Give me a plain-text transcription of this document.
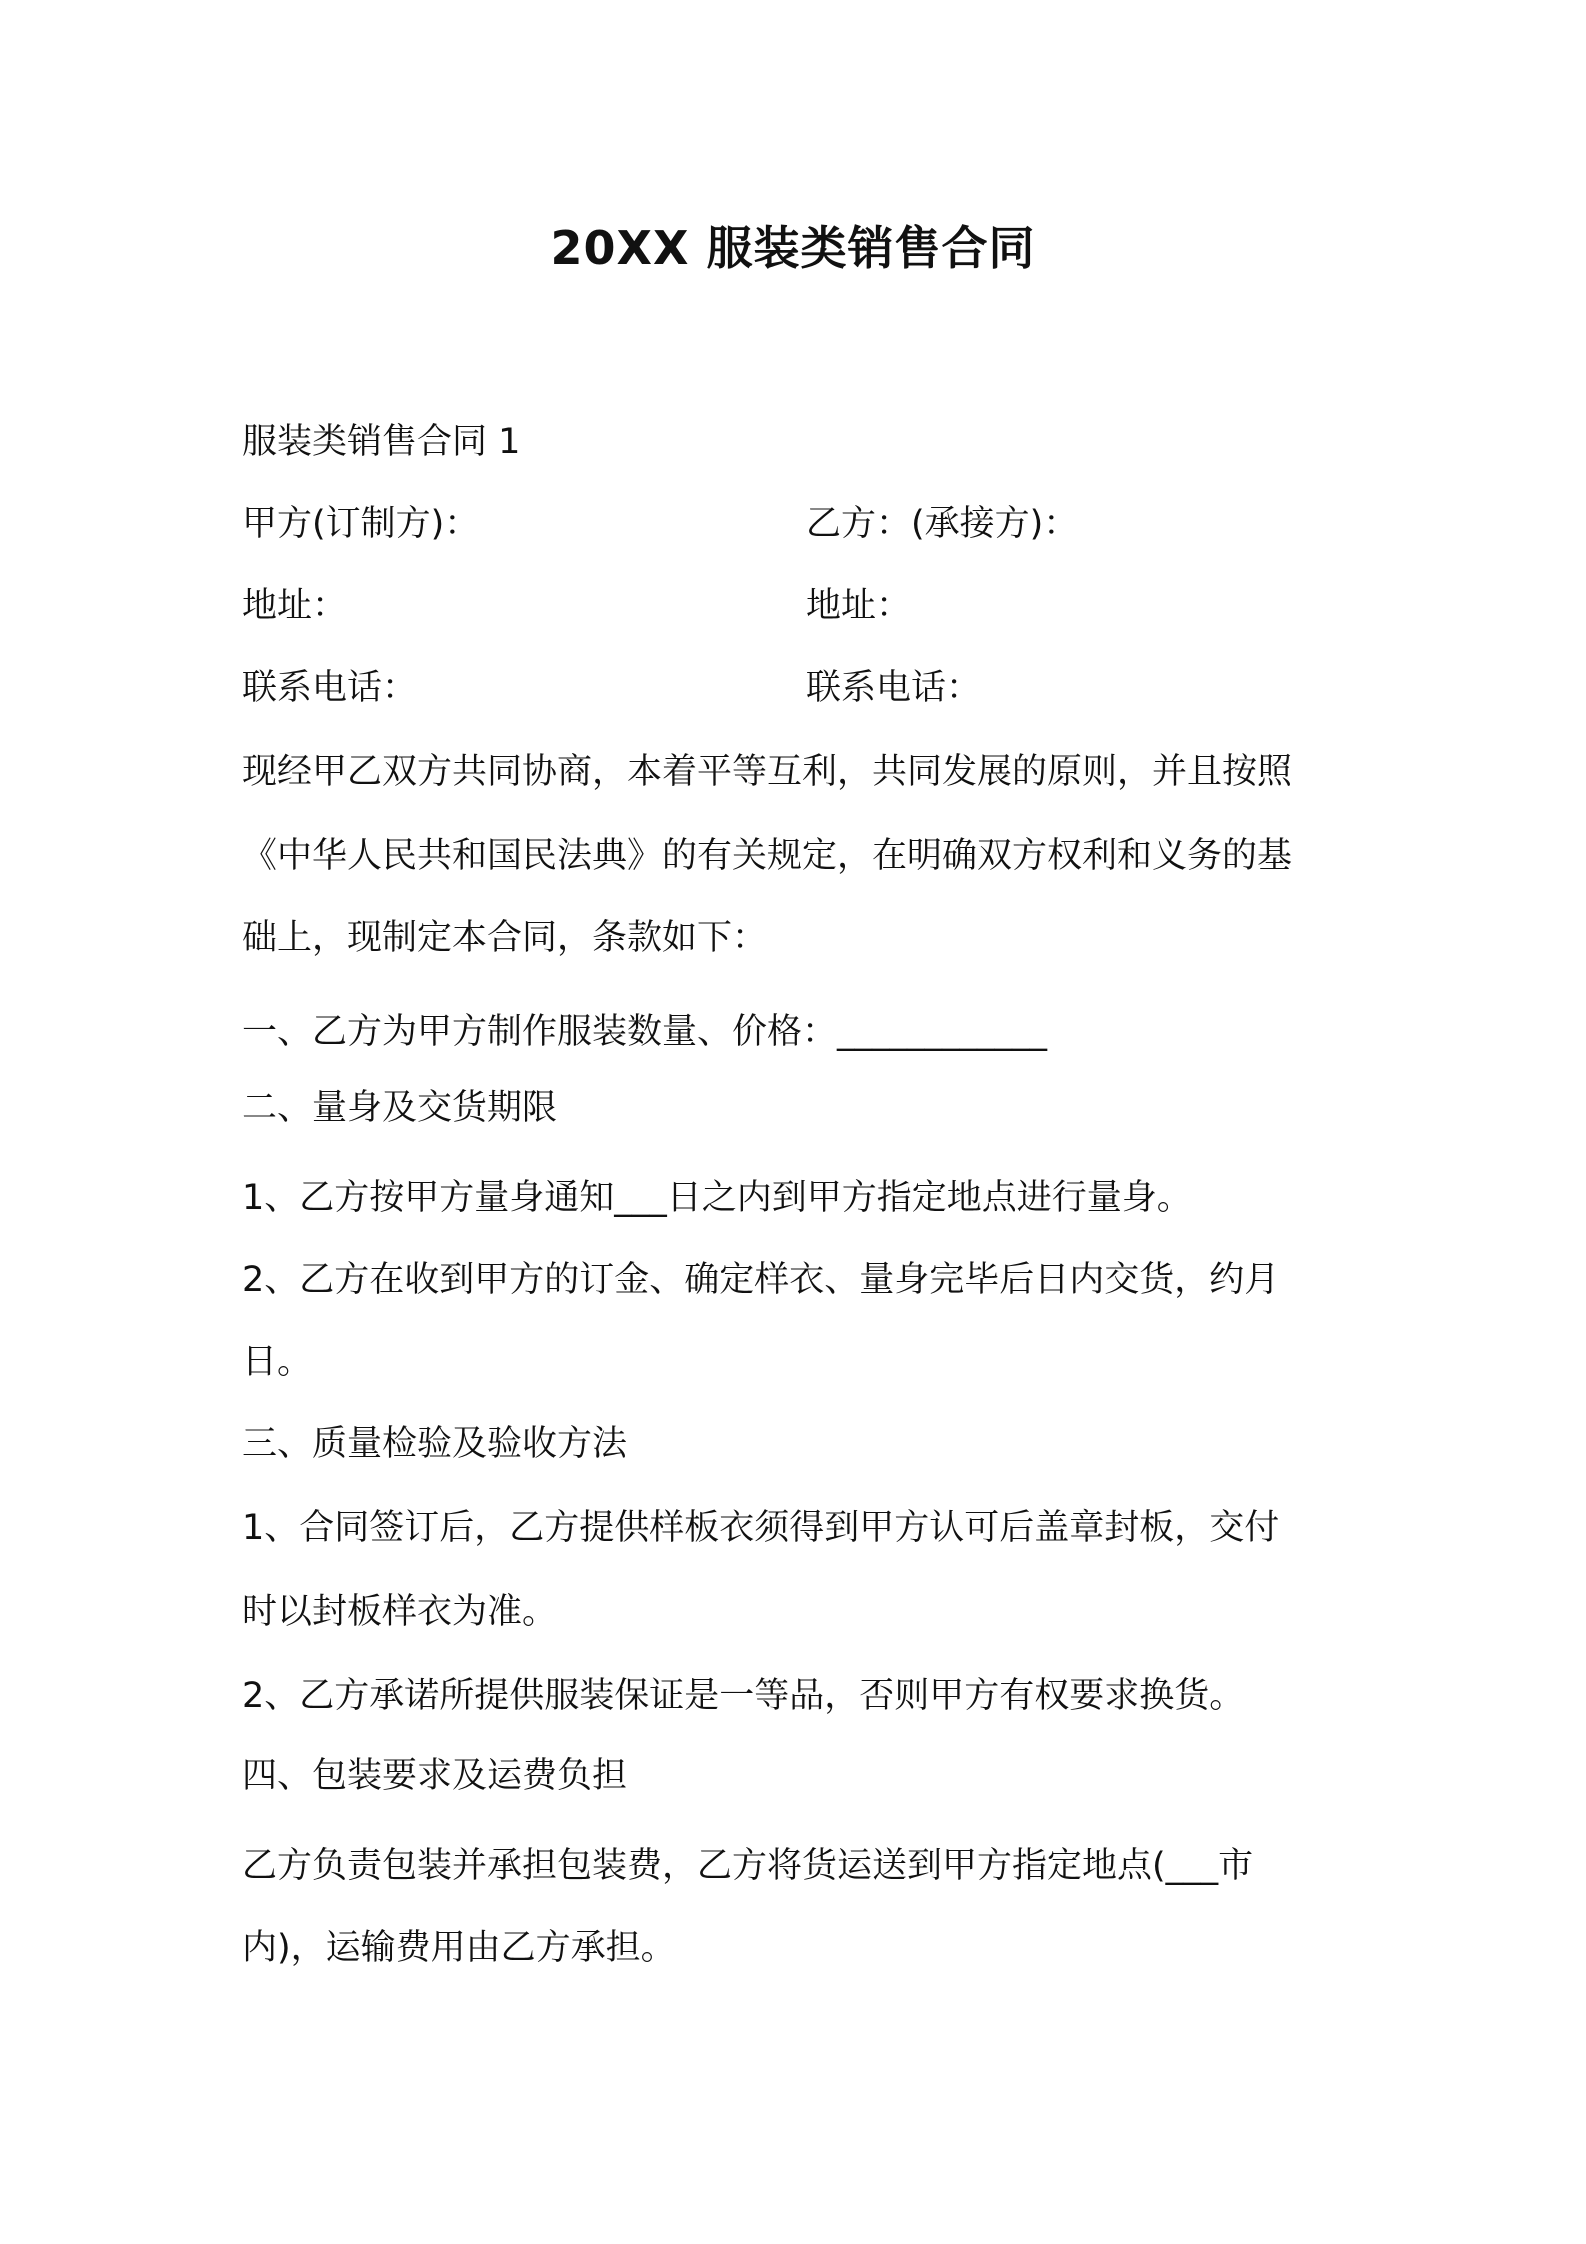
20XX 服装类销售合同
服装类销售合同 1
甲方(订制方)：	乙方：(承接方)：
地址：	地址：
联系电话：	联系电话：
现经甲乙双方共同协商，本着平等互利，共同发展的原则，并且按照
《中华人民共和国民法典》的有关规定，在明确双方权利和义务的基
础上，现制定本合同，条款如下：
一、乙方为甲方制作服装数量、价格：____________
二、量身及交货期限
1、乙方按甲方量身通知___日之内到甲方指定地点进行量身。
2、乙方在收到甲方的订金、确定样衣、量身完毕后日内交货，约月
日。
三、质量检验及验收方法
1、合同签订后，乙方提供样板衣须得到甲方认可后盖章封板，交付
时以封板样衣为准。
2、乙方承诺所提供服装保证是一等品，否则甲方有权要求换货。
四、包装要求及运费负担
乙方负责包装并承担包装费，乙方将货运送到甲方指定地点(___市
内)，运输费用由乙方承担。
